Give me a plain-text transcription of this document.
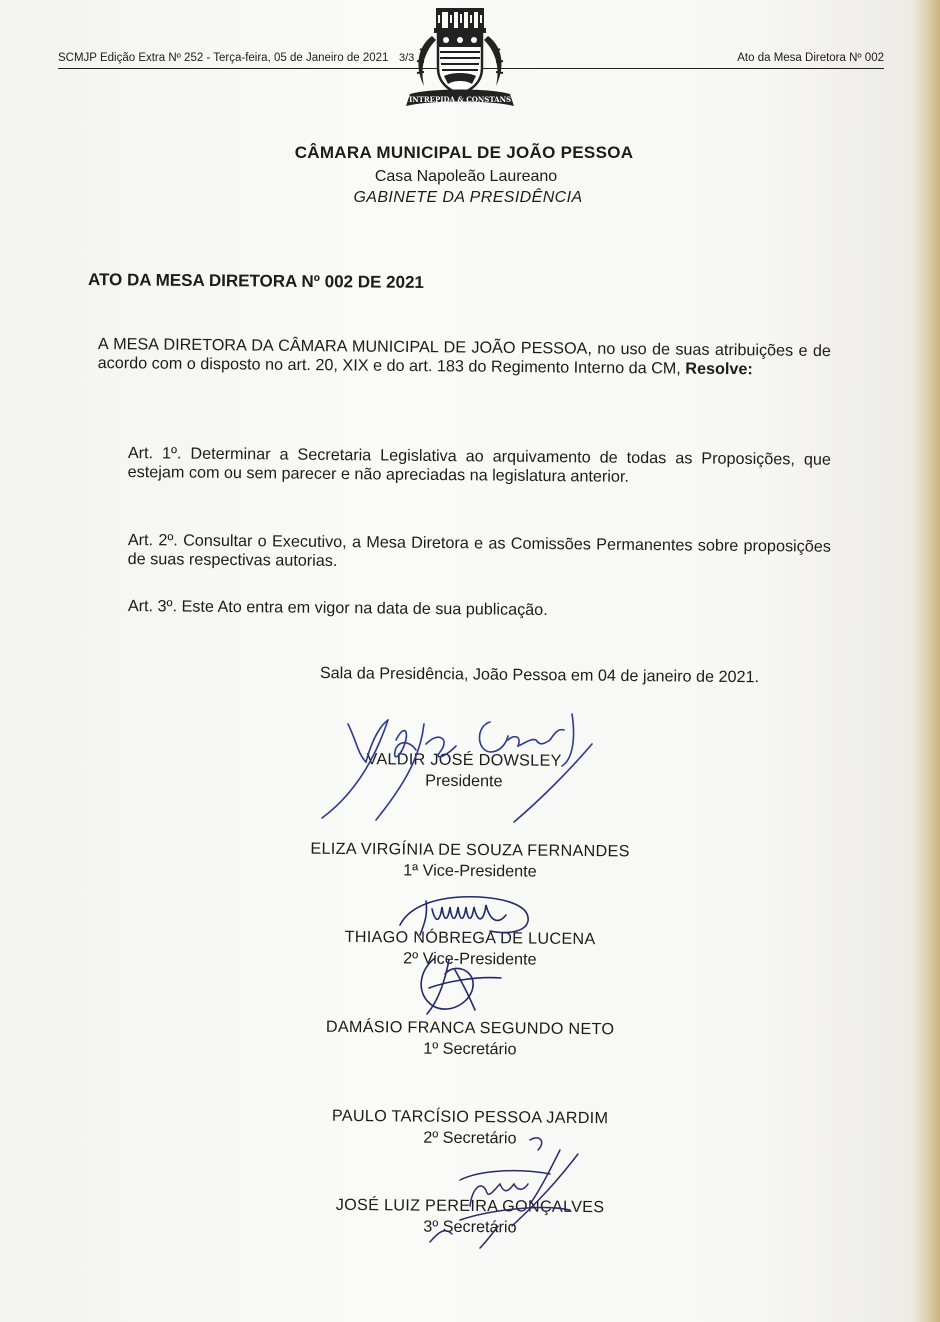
SCMJP Edição Extra Nº 252 - Terça-feira, 05 de Janeiro de 2021	Ato da Mesa Diretora Nº 002
INTREPIDA & CONSTANS
3/3
CÂMARA MUNICIPAL DE JOÃO PESSOA
Casa Napoleão Laureano
GABINETE DA PRESIDÊNCIA
ATO DA MESA DIRETORA Nº 002 DE 2021
A MESA DIRETORA DA CÂMARA MUNICIPAL DE JOÃO PESSOA, no uso de suas atribuições e de acordo com o disposto no art. 20, XIX e do art. 183 do Regimento Interno da CM, Resolve:
Art. 1º. Determinar a Secretaria Legislativa ao arquivamento de todas as Proposições, que estejam com ou sem parecer e não apreciadas na legislatura anterior.
Art. 2º. Consultar o Executivo, a Mesa Diretora e as Comissões Permanentes sobre proposições de suas respectivas autorias.
Art. 3º. Este Ato entra em vigor na data de sua publicação.
Sala da Presidência, João Pessoa em 04 de janeiro de 2021.
VALDIR JOSÉ DOWSLEY
Presidente
ELIZA VIRGÍNIA DE SOUZA FERNANDES
1ª Vice-Presidente
THIAGO NÓBREGA DE LUCENA
2º Vice-Presidente
DAMÁSIO FRANCA SEGUNDO NETO
1º Secretário
PAULO TARCÍSIO PESSOA JARDIM
2º Secretário
JOSÉ LUIZ PEREIRA GONÇALVES
3º Secretário
